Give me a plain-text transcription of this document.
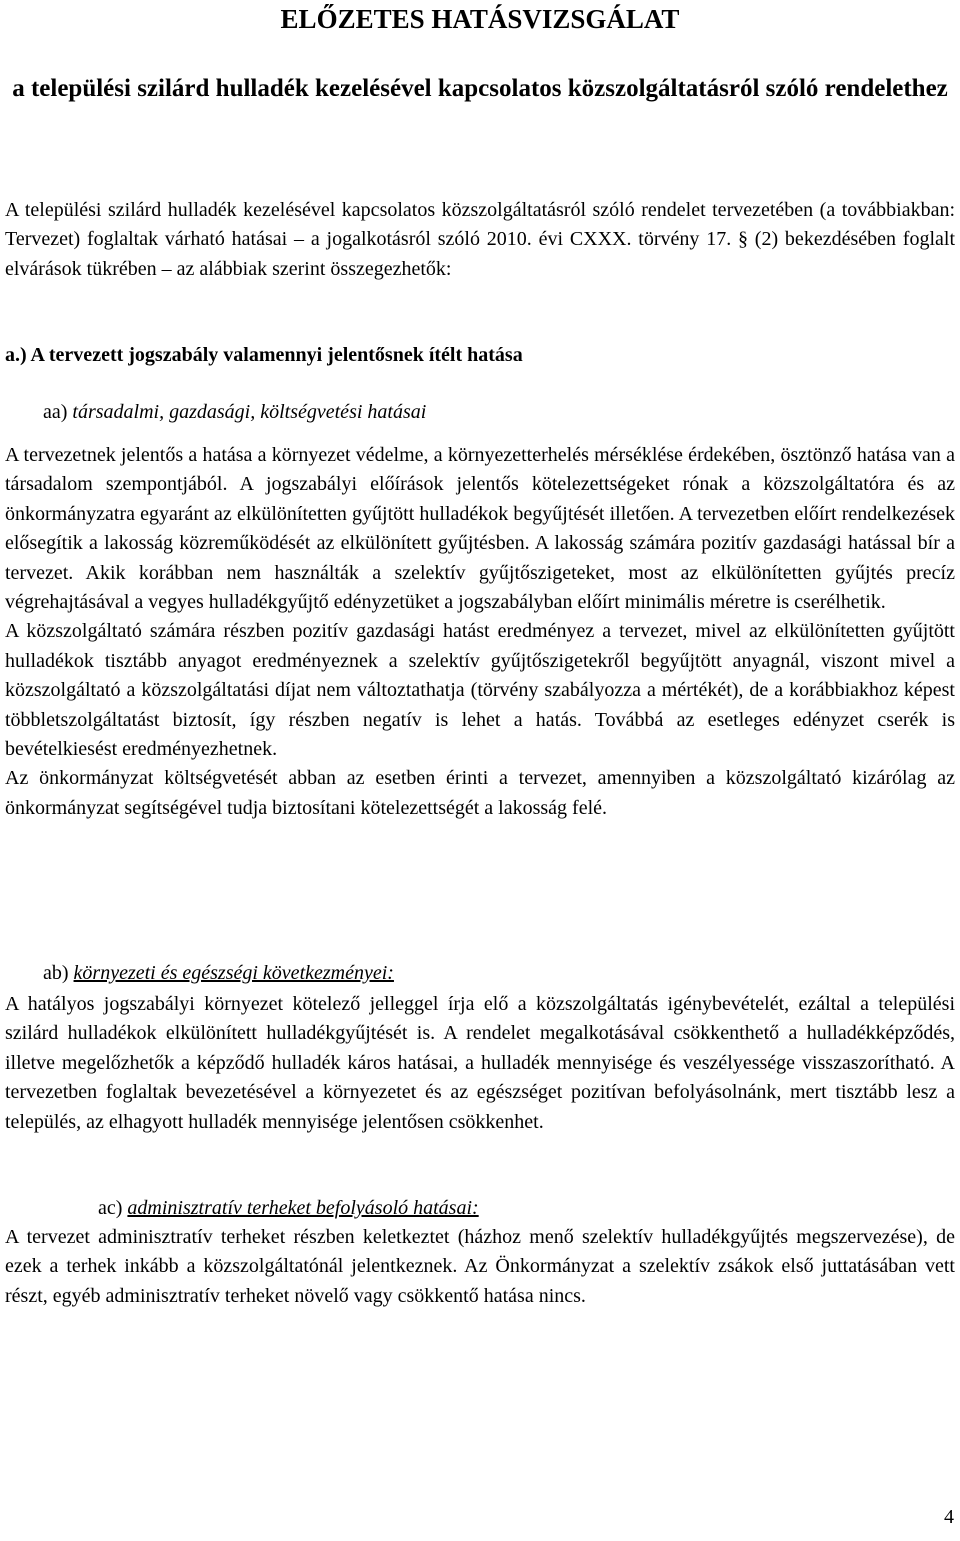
ELŐZETES HATÁSVIZSGÁLAT
a települési szilárd hulladék kezelésével kapcsolatos közszolgáltatásról szóló rendelethez

A települési szilárd hulladék kezelésével kapcsolatos közszolgáltatásról szóló rendelet tervezetében (a továbbiakban: Tervezet) foglaltak várható hatásai – a jogalkotásról szóló 2010. évi CXXX. törvény 17. § (2) bekezdésében foglalt elvárások tükrében – az alábbiak szerint összegezhetők:

a.) A tervezett jogszabály valamennyi jelentősnek ítélt hatása

aa) társadalmi, gazdasági, költségvetési hatásai

A tervezetnek jelentős a hatása a környezet védelme, a környezetterhelés mérséklése érdekében, ösztönző hatása van a társadalom szempontjából. A jogszabályi előírások jelentős kötelezettségeket rónak a közszolgáltatóra és az önkormányzatra egyaránt az elkülönítetten gyűjtött hulladékok begyűjtését illetően. A tervezetben előírt rendelkezések elősegítik a lakosság közreműködését az elkülönített gyűjtésben. A lakosság számára pozitív gazdasági hatással bír a tervezet. Akik korábban nem használták a szelektív gyűjtőszigeteket, most az elkülönítetten gyűjtés precíz végrehajtásával a vegyes hulladékgyűjtő edényzetüket a jogszabályban előírt minimális méretre is cserélhetik.

A közszolgáltató számára részben pozitív gazdasági hatást eredményez a tervezet, mivel az elkülönítetten gyűjtött hulladékok tisztább anyagot eredményeznek a szelektív gyűjtőszigetekről begyűjtött anyagnál, viszont mivel a közszolgáltató a közszolgáltatási díjat nem változtathatja (törvény szabályozza a mértékét), de a korábbiakhoz képest többletszolgáltatást biztosít, így részben negatív is lehet a hatás. Továbbá az esetleges edényzet cserék is bevételkiesést eredményezhetnek.

Az önkormányzat költségvetését abban az esetben érinti a tervezet, amennyiben a közszolgáltató kizárólag az önkormányzat segítségével tudja biztosítani kötelezettségét a lakosság felé.

ab) környezeti és egészségi következményei:

A hatályos jogszabályi környezet kötelező jelleggel írja elő a közszolgáltatás igénybevételét, ezáltal a települési szilárd hulladékok elkülönített hulladékgyűjtését is. A rendelet megalkotásával csökkenthető a hulladékképződés, illetve megelőzhetők a képződő hulladék káros hatásai, a hulladék mennyisége és veszélyessége visszaszorítható. A tervezetben foglaltak bevezetésével a környezetet és az egészséget pozitívan befolyásolnánk, mert tisztább lesz a település, az elhagyott hulladék mennyisége jelentősen csökkenhet.

ac) adminisztratív terheket befolyásoló hatásai:

A tervezet adminisztratív terheket részben keletkeztet (házhoz menő szelektív hulladékgyűjtés megszervezése), de ezek a terhek inkább a közszolgáltatónál jelentkeznek. Az Önkormányzat a szelektív zsákok első juttatásában vett részt, egyéb adminisztratív terheket növelő vagy csökkentő hatása nincs.

4
